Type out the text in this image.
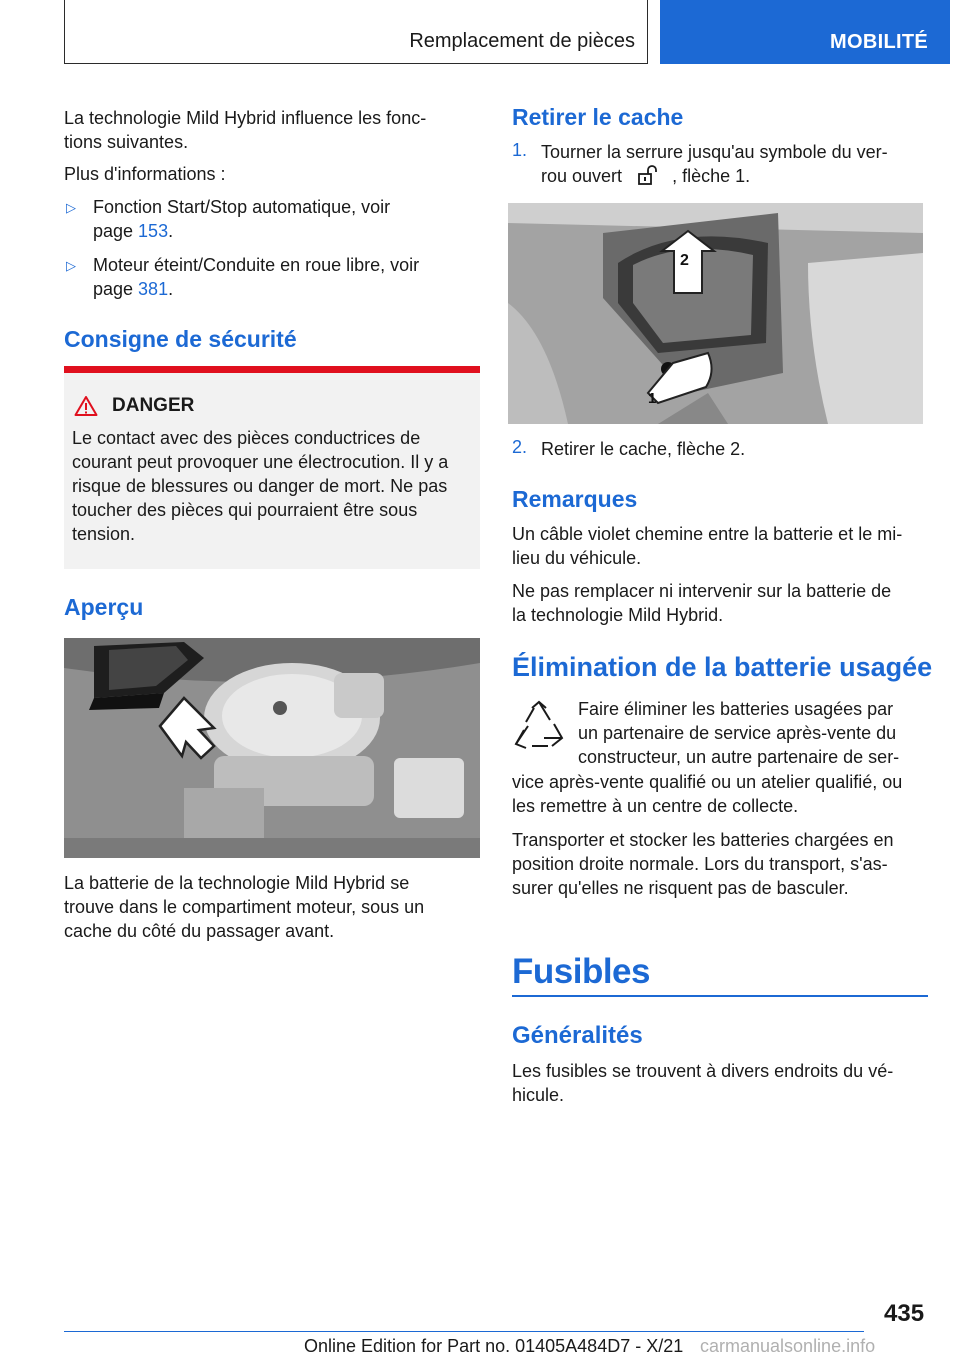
Remplacement de pièces	MOBILITÉ
La technologie Mild Hybrid influence les fonc-
tions suivantes.
Plus d'informations :
▷ Fonction Start/Stop automatique, voir
page 153.
▷ Moteur éteint/Conduite en roue libre, voir
page 381.
Consigne de sécurité
DANGER
Le contact avec des pièces conductrices de
courant peut provoquer une électrocution. Il y a
risque de blessures ou danger de mort. Ne pas
toucher des pièces qui pourraient être sous
tension.
Aperçu
La batterie de la technologie Mild Hybrid se
trouve dans le compartiment moteur, sous un
cache du côté du passager avant.
Retirer le cache
1. Tourner la serrure jusqu'au symbole du ver-
rou ouvert	, flèche 1.
2
1
2. Retirer le cache, flèche 2.
Remarques
Un câble violet chemine entre la batterie et le mi-
lieu du véhicule.
Ne pas remplacer ni intervenir sur la batterie de
la technologie Mild Hybrid.
Élimination de la batterie usagée
Faire éliminer les batteries usagées par
un partenaire de service après-vente du
constructeur, un autre partenaire de ser-
vice après-vente qualifié ou un atelier qualifié, ou
les remettre à un centre de collecte.
Transporter et stocker les batteries chargées en
position droite normale. Lors du transport, s'as-
surer qu'elles ne risquent pas de basculer.
Fusibles
Généralités
Les fusibles se trouvent à divers endroits du vé-
hicule.
435
Online Edition for Part no. 01405A484D7 - X/21 carmanualsonline.info
